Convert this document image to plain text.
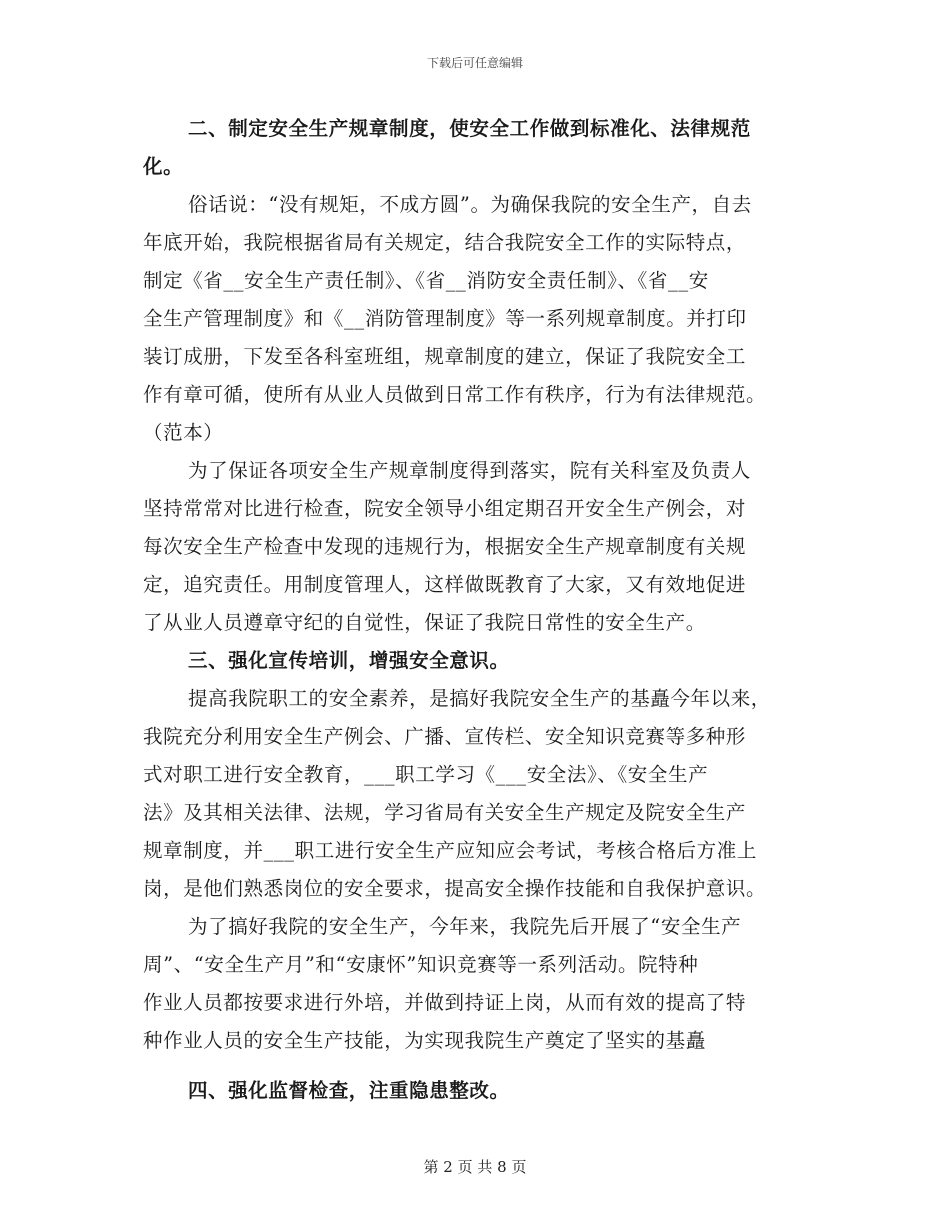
下载后可任意编辑
二、制定安全生产规章制度，使安全工作做到标准化、法律规范
化。
俗话说：“没有规矩，不成方圆”。为确保我院的安全生产，自去
年底开始，我院根据省局有关规定，结合我院安全工作的实际特点，
制定《省__安全生产责任制》、《省__消防安全责任制》、《省__安
全生产管理制度》和《__消防管理制度》等一系列规章制度。并打印
装订成册，下发至各科室班组，规章制度的建立，保证了我院安全工
作有章可循，使所有从业人员做到日常工作有秩序，行为有法律规范。
（范本）
为了保证各项安全生产规章制度得到落实，院有关科室及负责人
坚持常常对比进行检查，院安全领导小组定期召开安全生产例会，对
每次安全生产检查中发现的违规行为，根据安全生产规章制度有关规
定，追究责任。用制度管理人，这样做既教育了大家，又有效地促进
了从业人员遵章守纪的自觉性，保证了我院日常性的安全生产。
三、强化宣传培训，增强安全意识。
提高我院职工的安全素养，是搞好我院安全生产的基矗今年以来，
我院充分利用安全生产例会、广播、宣传栏、安全知识竞赛等多种形
式对职工进行安全教育，___职工学习《___安全法》、《安全生产
法》及其相关法律、法规，学习省局有关安全生产规定及院安全生产
规章制度，并___职工进行安全生产应知应会考试，考核合格后方准上
岗，是他们熟悉岗位的安全要求，提高安全操作技能和自我保护意识。
为了搞好我院的安全生产，今年来，我院先后开展了“安全生产
周”、“安全生产月”和“安康怀”知识竞赛等一系列活动。院特种
作业人员都按要求进行外培，并做到持证上岗，从而有效的提高了特
种作业人员的安全生产技能，为实现我院生产奠定了坚实的基矗
四、强化监督检查，注重隐患整改。
第 2 页 共 8 页
